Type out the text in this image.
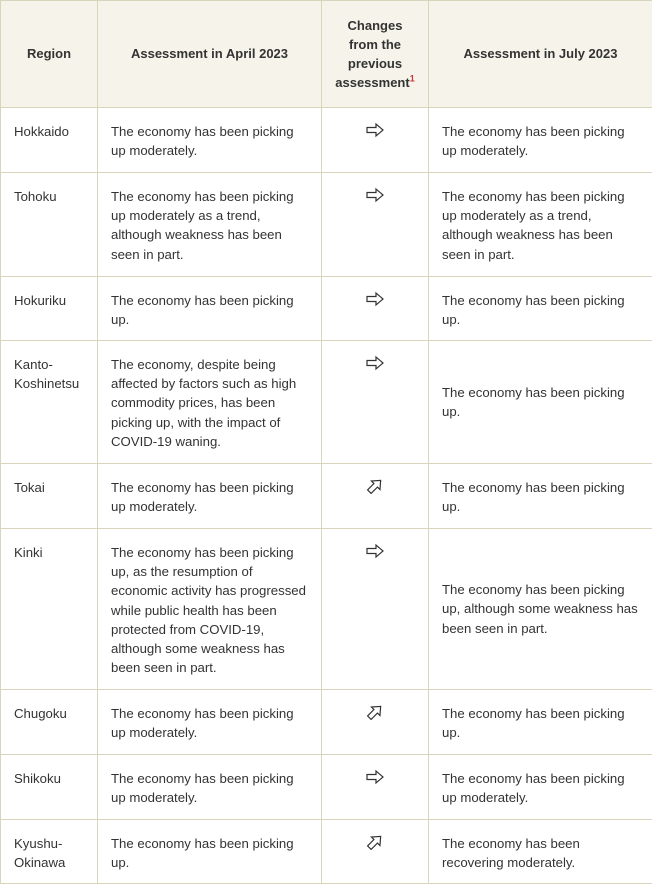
Region	Assessment in April 2023	Changes from the previous assessment$^1$	Assessment in July 2023
Hokkaido	The economy has been picking up moderately.		The economy has been picking up moderately.
Tohoku	The economy has been picking up moderately as a trend, although weakness has been seen in part.		The economy has been picking up moderately as a trend, although weakness has been seen in part.
Hokuriku	The economy has been picking up.		The economy has been picking up.
Kanto-Koshinetsu	The economy, despite being affected by factors such as high commodity prices, has been picking up, with the impact of COVID-19 waning.		The economy has been picking up.
Tokai	The economy has been picking up moderately.		The economy has been picking up.
Kinki	The economy has been picking up, as the resumption of economic activity has progressed while public health has been protected from COVID-19, although some weakness has been seen in part.		The economy has been picking up, although some weakness has been seen in part.
Chugoku	The economy has been picking up moderately.		The economy has been picking up.
Shikoku	The economy has been picking up moderately.		The economy has been picking up moderately.
Kyushu-Okinawa	The economy has been picking up.		The economy has been recovering moderately.
